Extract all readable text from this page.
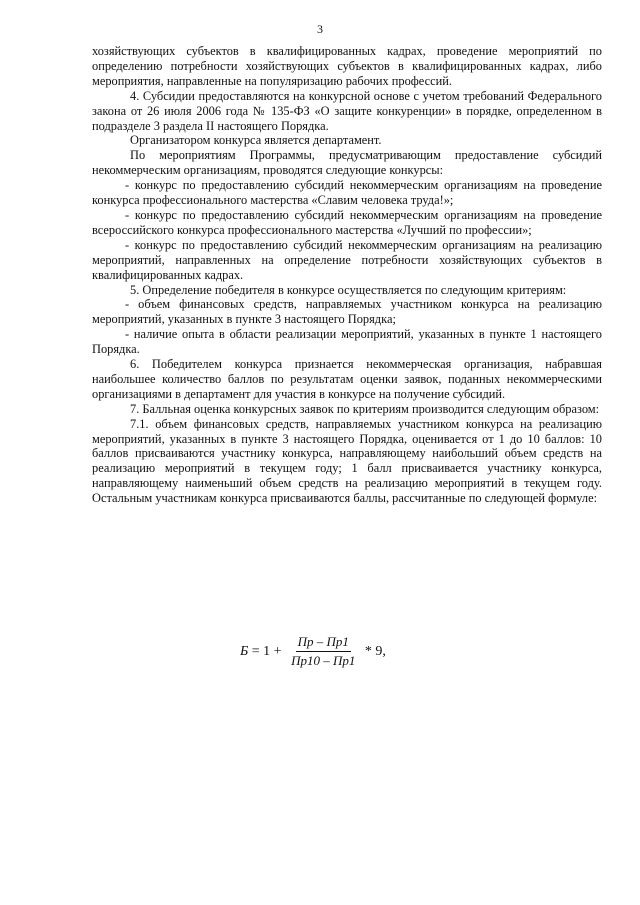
3

хозяйствующих субъектов в квалифицированных кадрах, проведение мероприятий по определению потребности хозяйствующих субъектов в квалифицированных кадрах, либо мероприятия, направленные на популяризацию рабочих профессий.

4. Субсидии предоставляются на конкурсной основе с учетом требований Федерального закона от 26 июля 2006 года № 135-ФЗ «О защите конкуренции» в порядке, определенном в подразделе 3 раздела II настоящего Порядка.

Организатором конкурса является департамент.

По мероприятиям Программы, предусматривающим предоставление субсидий некоммерческим организациям, проводятся следующие конкурсы:

- конкурс по предоставлению субсидий некоммерческим организациям на проведение конкурса профессионального мастерства «Славим человека труда!»;

- конкурс по предоставлению субсидий некоммерческим организациям на проведение всероссийского конкурса профессионального мастерства «Лучший по профессии»;

- конкурс по предоставлению субсидий некоммерческим организациям на реализацию мероприятий, направленных на определение потребности хозяйствующих субъектов в квалифицированных кадрах.

5. Определение победителя в конкурсе осуществляется по следующим критериям:

- объем финансовых средств, направляемых участником конкурса на реализацию мероприятий, указанных в пункте 3 настоящего Порядка;

- наличие опыта в области реализации мероприятий, указанных в пункте 1 настоящего Порядка.

6. Победителем конкурса признается некоммерческая организация, набравшая наибольшее количество баллов по результатам оценки заявок, поданных некоммерческими организациями в департамент для участия в конкурсе на получение субсидий.

7. Балльная оценка конкурсных заявок по критериям производится следующим образом:

7.1. объем финансовых средств, направляемых участником конкурса на реализацию мероприятий, указанных в пункте 3 настоящего Порядка, оценивается от 1 до 10 баллов: 10 баллов присваиваются участнику конкурса, направляющему наибольший объем средств на реализацию мероприятий в текущем году; 1 балл присваивается участнику конкурса, направляющему наименьший объем средств на реализацию мероприятий в текущем году. Остальным участникам конкурса присваиваются баллы, рассчитанные по следующей формуле:

$Б = 1 + \frac{Пр - Пр1}{Пр10 - Пр1} * 9$ ,
